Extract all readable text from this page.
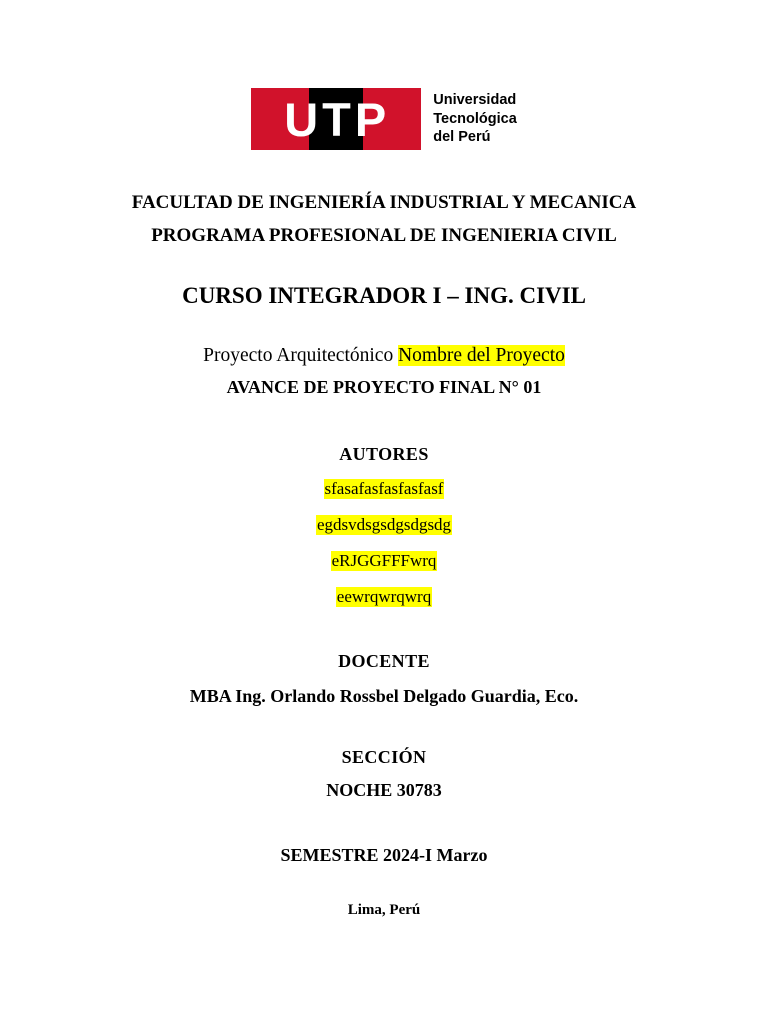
UTP	Universidad
Tecnológica
del Perú
FACULTAD DE INGENIERÍA INDUSTRIAL Y MECANICA
PROGRAMA PROFESIONAL DE INGENIERIA CIVIL
CURSO INTEGRADOR I – ING. CIVIL
Proyecto Arquitectónico Nombre del Proyecto
AVANCE DE PROYECTO FINAL N° 01
AUTORES
sfasafasfasfasfasf
egdsvdsgsdgsdgsdg
eRJGGFFFwrq
eewrqwrqwrq
DOCENTE
MBA Ing. Orlando Rossbel Delgado Guardia, Eco.
SECCIÓN
NOCHE 30783
SEMESTRE 2024-I Marzo
Lima, Perú
